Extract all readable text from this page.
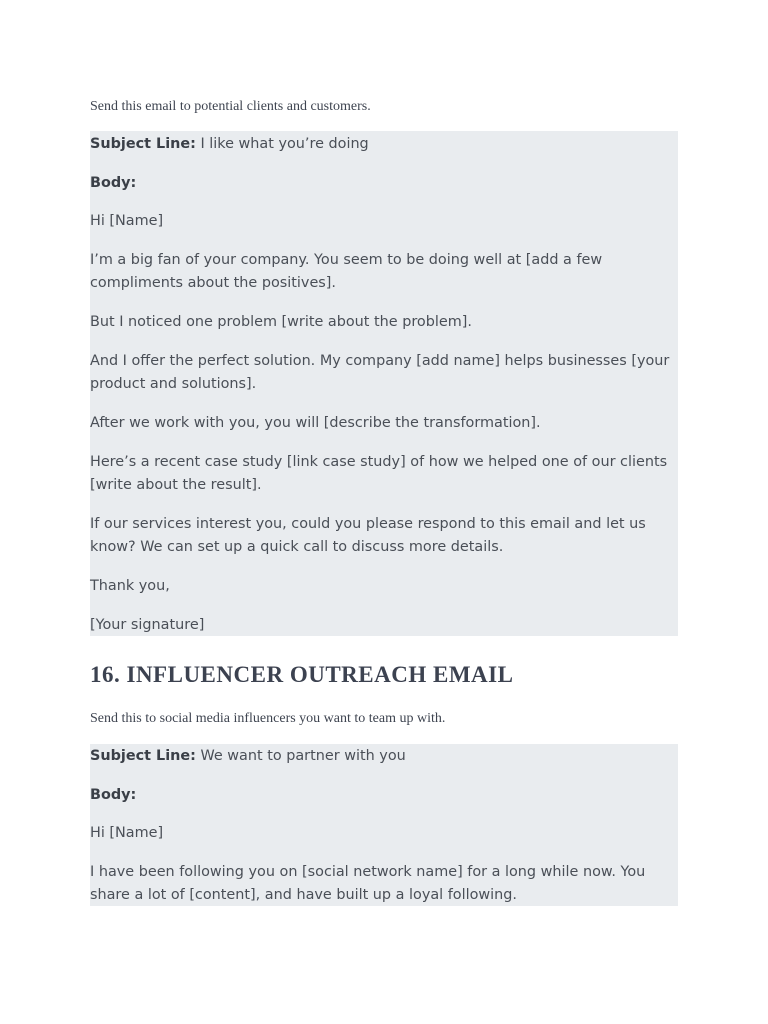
Send this email to potential clients and customers.

Subject Line: I like what you’re doing

Body:

Hi [Name]

I’m a big fan of your company. You seem to be doing well at [add a few compliments about the positives].

But I noticed one problem [write about the problem].

And I offer the perfect solution. My company [add name] helps businesses [your product and solutions].

After we work with you, you will [describe the transformation].

Here’s a recent case study [link case study] of how we helped one of our clients [write about the result].

If our services interest you, could you please respond to this email and let us know? We can set up a quick call to discuss more details.

Thank you,

[Your signature]

16. INFLUENCER OUTREACH EMAIL

Send this to social media influencers you want to team up with.

Subject Line: We want to partner with you

Body:

Hi [Name]

I have been following you on [social network name] for a long while now. You share a lot of [content], and have built up a loyal following.
